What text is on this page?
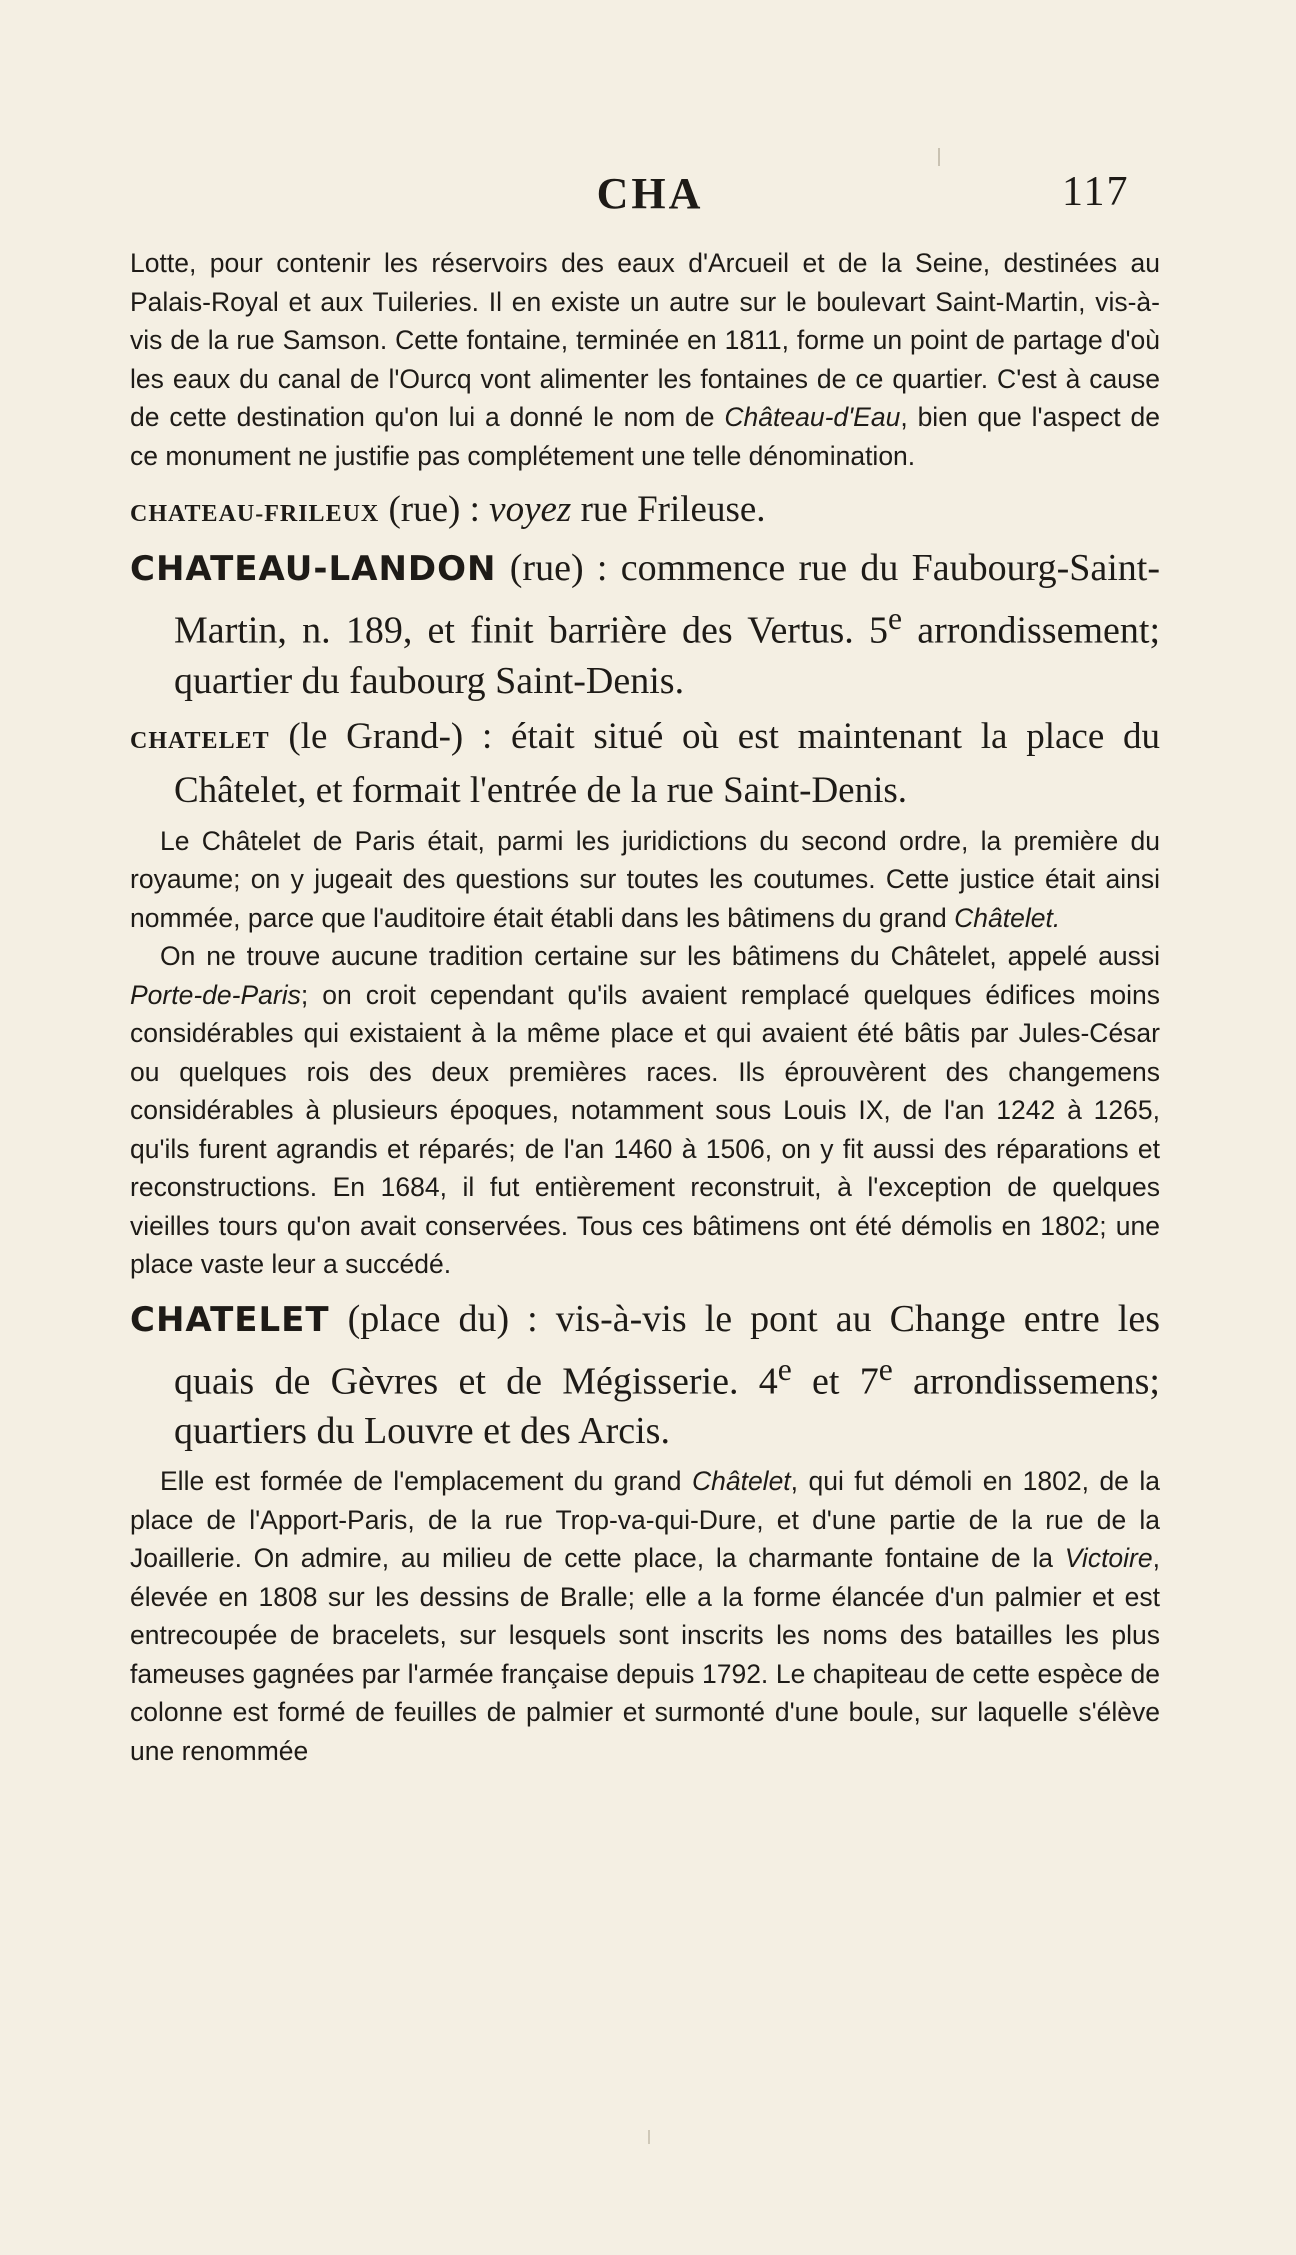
CHA	117

Lotte, pour contenir les réservoirs des eaux d'Arcueil et de la Seine, destinées au Palais-Royal et aux Tuileries. Il en existe un autre sur le boulevart Saint-Martin, vis-à-vis de la rue Samson. Cette fontaine, terminée en 1811, forme un point de partage d'où les eaux du canal de l'Ourcq vont alimenter les fontaines de ce quartier. C'est à cause de cette destination qu'on lui a donné le nom de Château-d'Eau, bien que l'aspect de ce monument ne justifie pas complétement une telle dénomination.

CHATEAU-FRILEUX (rue) : voyez rue Frileuse.

CHATEAU-LANDON (rue) : commence rue du Faubourg-Saint-Martin, n. 189, et finit barrière des Vertus. 5e arrondissement; quartier du faubourg Saint-Denis.

CHATELET (le Grand-) : était situé où est maintenant la place du Châtelet, et formait l'entrée de la rue Saint-Denis.

Le Châtelet de Paris était, parmi les juridictions du second ordre, la première du royaume; on y jugeait des questions sur toutes les coutumes. Cette justice était ainsi nommée, parce que l'auditoire était établi dans les bâtimens du grand Châtelet.

On ne trouve aucune tradition certaine sur les bâtimens du Châtelet, appelé aussi Porte-de-Paris; on croit cependant qu'ils avaient remplacé quelques édifices moins considérables qui existaient à la même place et qui avaient été bâtis par Jules-César ou quelques rois des deux premières races. Ils éprouvèrent des changemens considérables à plusieurs époques, notamment sous Louis IX, de l'an 1242 à 1265, qu'ils furent agrandis et réparés; de l'an 1460 à 1506, on y fit aussi des réparations et reconstructions. En 1684, il fut entièrement reconstruit, à l'exception de quelques vieilles tours qu'on avait conservées. Tous ces bâtimens ont été démolis en 1802; une place vaste leur a succédé.

CHATELET (place du) : vis-à-vis le pont au Change entre les quais de Gèvres et de Mégisserie. 4e et 7e arrondissemens; quartiers du Louvre et des Arcis.

Elle est formée de l'emplacement du grand Châtelet, qui fut démoli en 1802, de la place de l'Apport-Paris, de la rue Trop-va-qui-Dure, et d'une partie de la rue de la Joaillerie. On admire, au milieu de cette place, la charmante fontaine de la Victoire, élevée en 1808 sur les dessins de Bralle; elle a la forme élancée d'un palmier et est entrecoupée de bracelets, sur lesquels sont inscrits les noms des batailles les plus fameuses gagnées par l'armée française depuis 1792. Le chapiteau de cette espèce de colonne est formé de feuilles de palmier et surmonté d'une boule, sur laquelle s'élève une renommée
